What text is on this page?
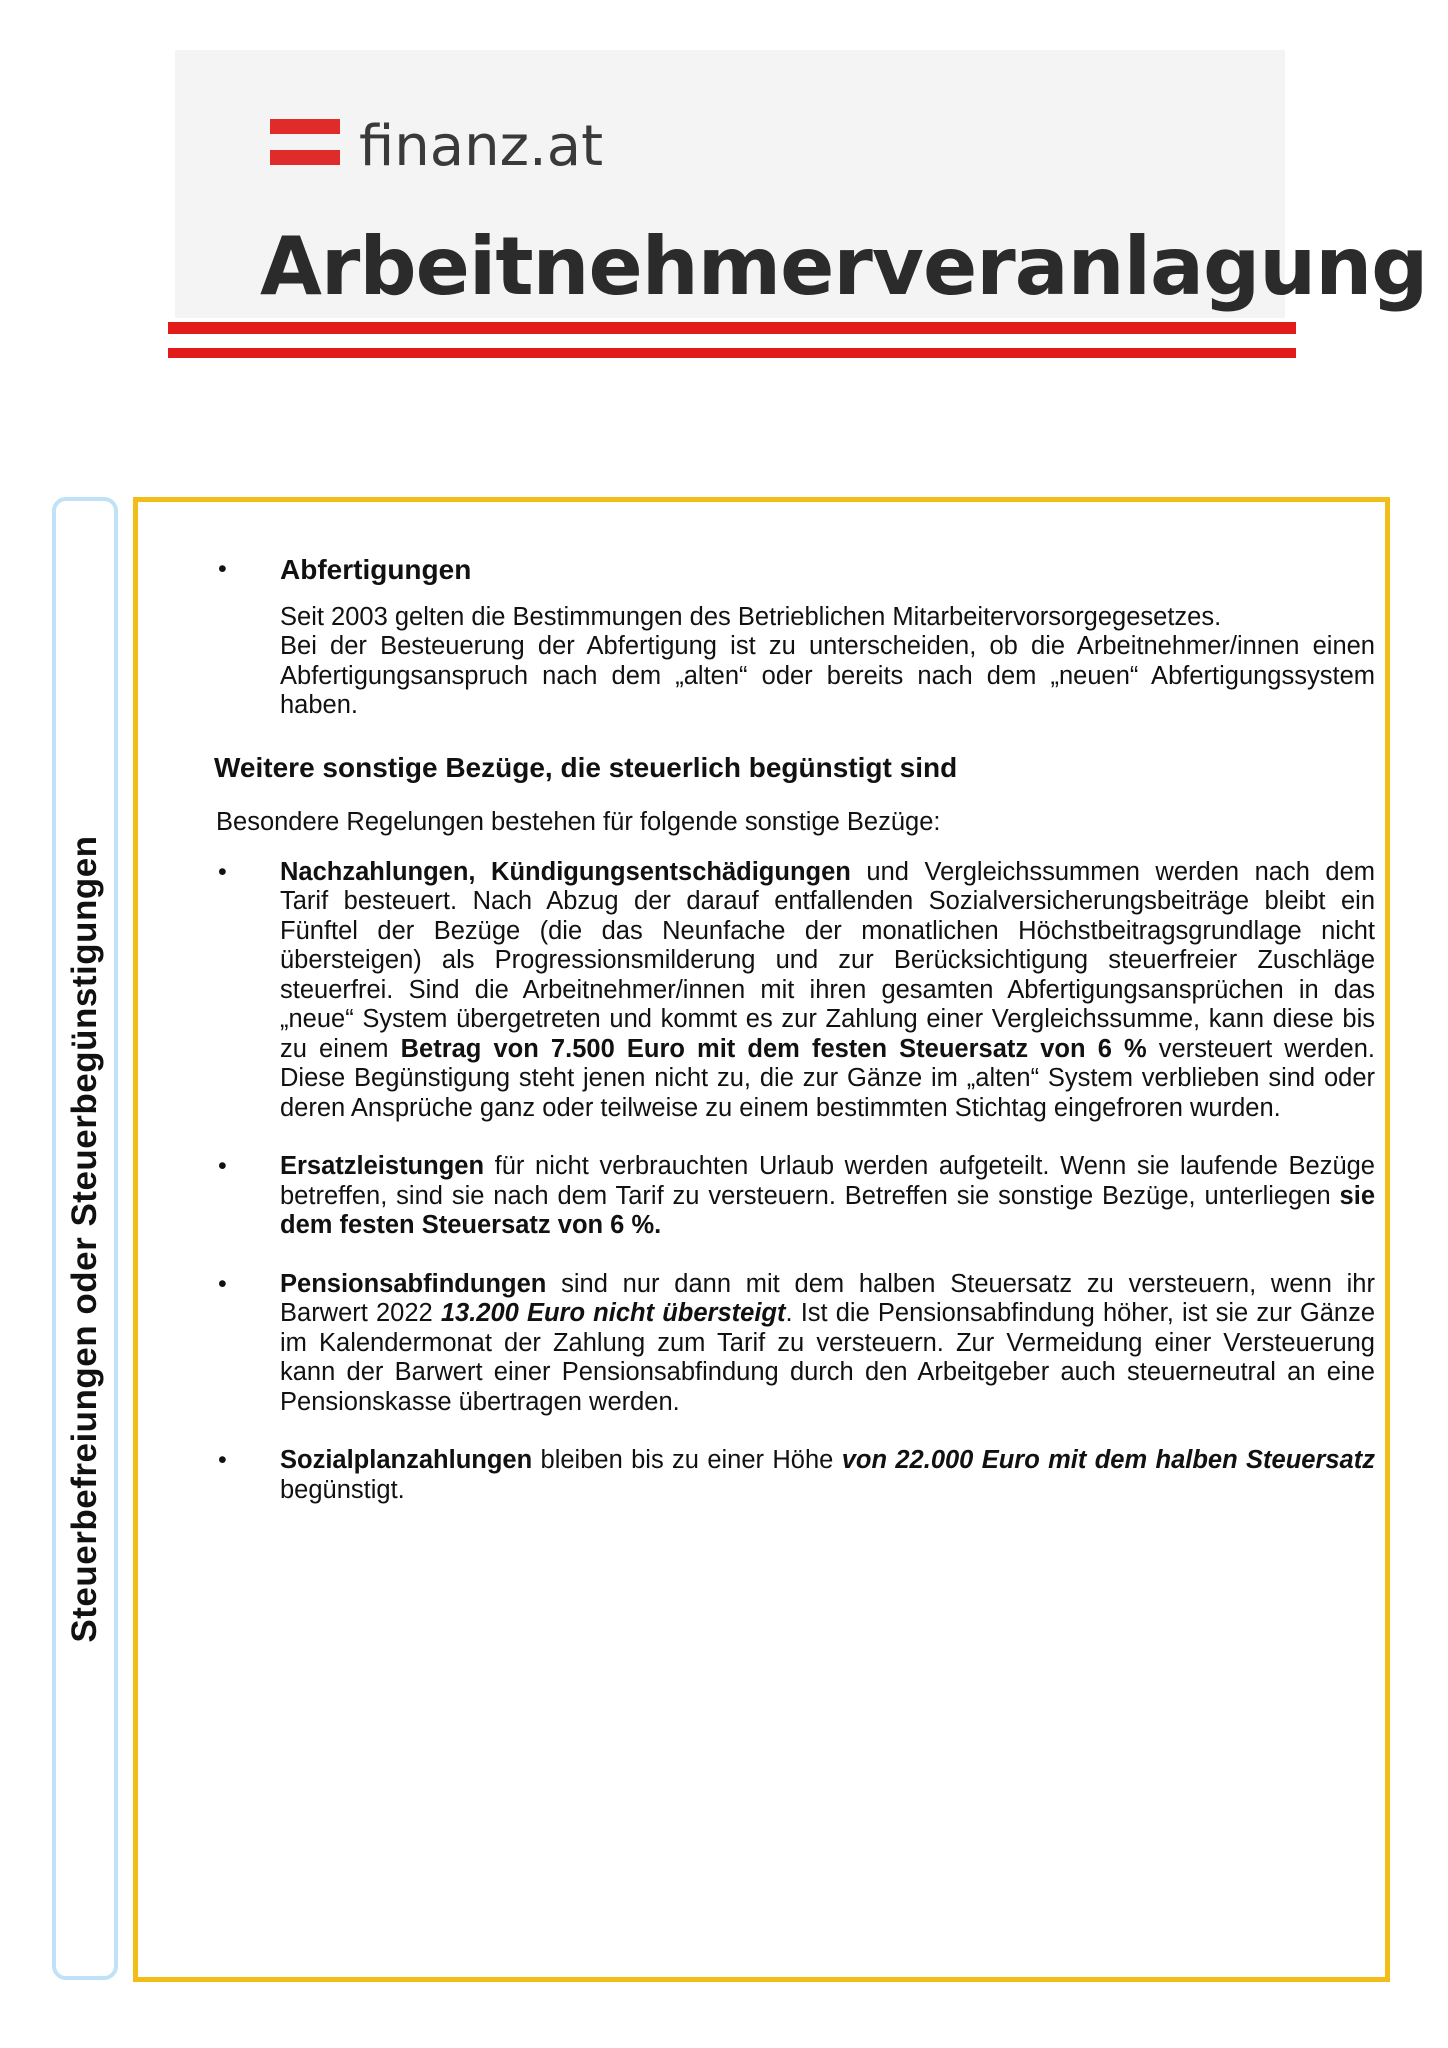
finanz.at
Arbeitnehmerveranlagung
Steuerbefreiungen oder Steuerbegünstigungen
• Abfertigungen

Seit 2003 gelten die Bestimmungen des Betrieblichen Mitarbeitervorsorgegesetzes.

Bei der Besteuerung der Abfertigung ist zu unterscheiden, ob die Arbeitnehmer/innen einen Abfertigungsanspruch nach dem „alten“ oder bereits nach dem „neuen“ Abfertigungssystem haben.

Weitere sonstige Bezüge, die steuerlich begünstigt sind

Besondere Regelungen bestehen für folgende sonstige Bezüge:

• Nachzahlungen, Kündigungsentschädigungen und Vergleichssummen werden nach dem Tarif besteuert. Nach Abzug der darauf entfallenden Sozialversicherungsbeiträge bleibt ein Fünftel der Bezüge (die das Neunfache der monatlichen Höchstbeitragsgrundlage nicht übersteigen) als Progressionsmilderung und zur Berücksichtigung steuerfreier Zuschläge steuerfrei. Sind die Arbeitnehmer/innen mit ihren gesamten Abfertigungsansprüchen in das „neue“ System übergetreten und kommt es zur Zahlung einer Vergleichssumme, kann diese bis zu einem Betrag von 7.500 Euro mit dem festen Steuersatz von 6 % versteuert werden. Diese Begünstigung steht jenen nicht zu, die zur Gänze im „alten“ System verblieben sind oder deren Ansprüche ganz oder teilweise zu einem bestimmten Stichtag eingefroren wurden.

• Ersatzleistungen für nicht verbrauchten Urlaub werden aufgeteilt. Wenn sie laufende Bezüge betreffen, sind sie nach dem Tarif zu versteuern. Betreffen sie sonstige Bezüge, unterliegen sie dem festen Steuersatz von 6 %.

• Pensionsabfindungen sind nur dann mit dem halben Steuersatz zu versteuern, wenn ihr Barwert 2022 13.200 Euro nicht übersteigt. Ist die Pensionsabfindung höher, ist sie zur Gänze im Kalendermonat der Zahlung zum Tarif zu versteuern. Zur Vermeidung einer Versteuerung kann der Barwert einer Pensionsabfindung durch den Arbeitgeber auch steuerneutral an eine Pensionskasse übertragen werden.

• Sozialplanzahlungen bleiben bis zu einer Höhe von 22.000 Euro mit dem halben Steuersatz begünstigt.
